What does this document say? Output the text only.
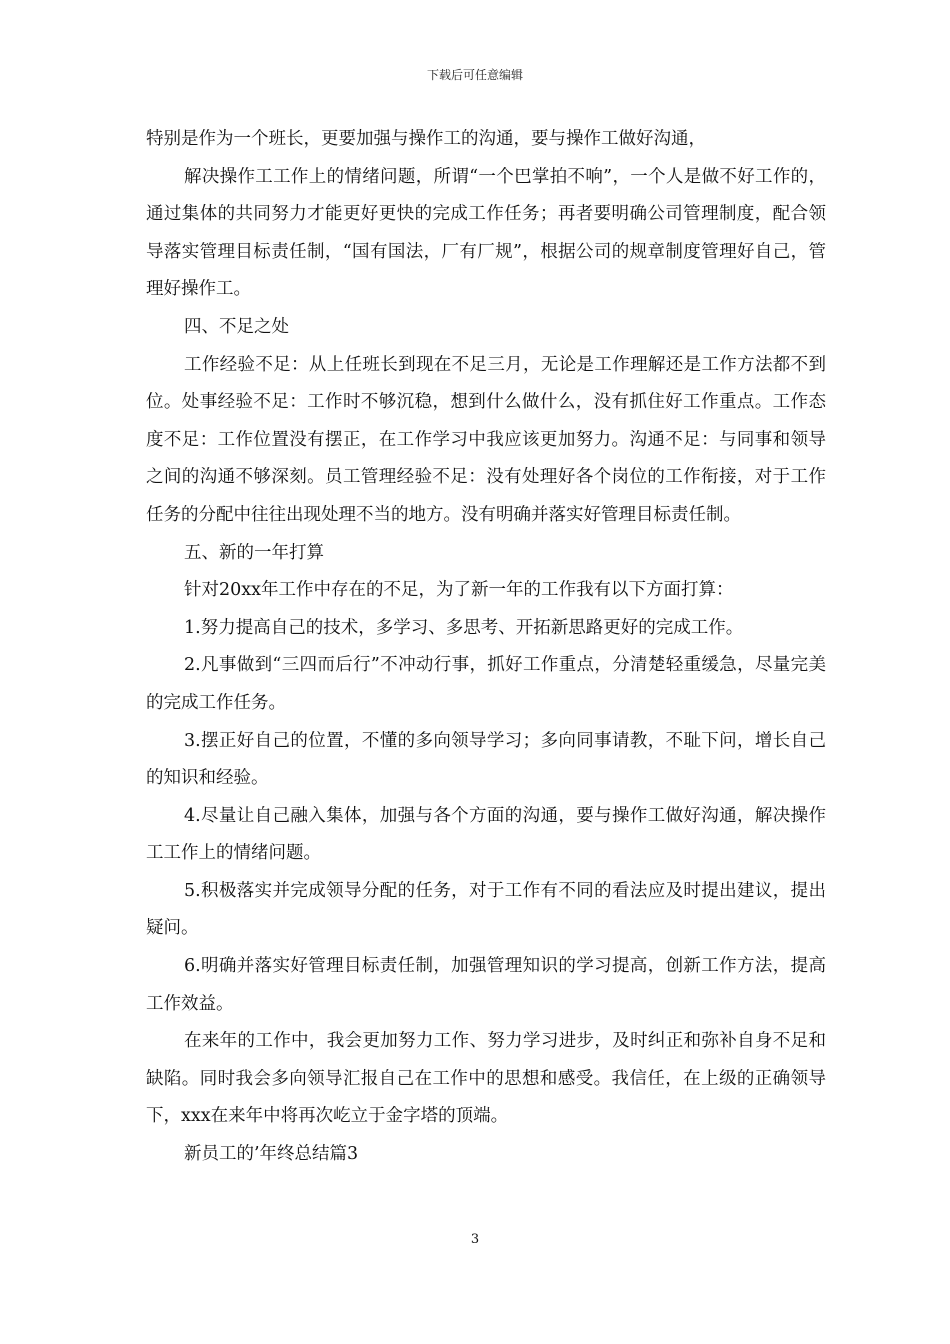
下载后可任意编辑

特别是作为一个班长，更要加强与操作工的沟通，要与操作工做好沟通，

解决操作工工作上的情绪问题，所谓“一个巴掌拍不响”，一个人是做不好工作的，通过集体的共同努力才能更好更快的完成工作任务；再者要明确公司管理制度，配合领导落实管理目标责任制，“国有国法，厂有厂规”，根据公司的规章制度管理好自己，管理好操作工。

四、不足之处

工作经验不足：从上任班长到现在不足三月，无论是工作理解还是工作方法都不到位。处事经验不足：工作时不够沉稳，想到什么做什么，没有抓住好工作重点。工作态度不足：工作位置没有摆正，在工作学习中我应该更加努力。沟通不足：与同事和领导之间的沟通不够深刻。员工管理经验不足：没有处理好各个岗位的工作衔接，对于工作任务的分配中往往出现处理不当的地方。没有明确并落实好管理目标责任制。

五、新的一年打算

针对20xx年工作中存在的不足，为了新一年的工作我有以下方面打算：

1.努力提高自己的技术，多学习、多思考、开拓新思路更好的完成工作。

2.凡事做到“三四而后行”不冲动行事，抓好工作重点，分清楚轻重缓急，尽量完美的完成工作任务。

3.摆正好自己的位置，不懂的多向领导学习；多向同事请教，不耻下问，增长自己的知识和经验。

4.尽量让自己融入集体，加强与各个方面的沟通，要与操作工做好沟通，解决操作工工作上的情绪问题。

5.积极落实并完成领导分配的任务，对于工作有不同的看法应及时提出建议，提出疑问。

6.明确并落实好管理目标责任制，加强管理知识的学习提高，创新工作方法，提高工作效益。

在来年的工作中，我会更加努力工作、努力学习进步，及时纠正和弥补自身不足和缺陷。同时我会多向领导汇报自己在工作中的思想和感受。我信任，在上级的正确领导下，xxx在来年中将再次屹立于金字塔的顶端。

新员工的’年终总结篇3

3
